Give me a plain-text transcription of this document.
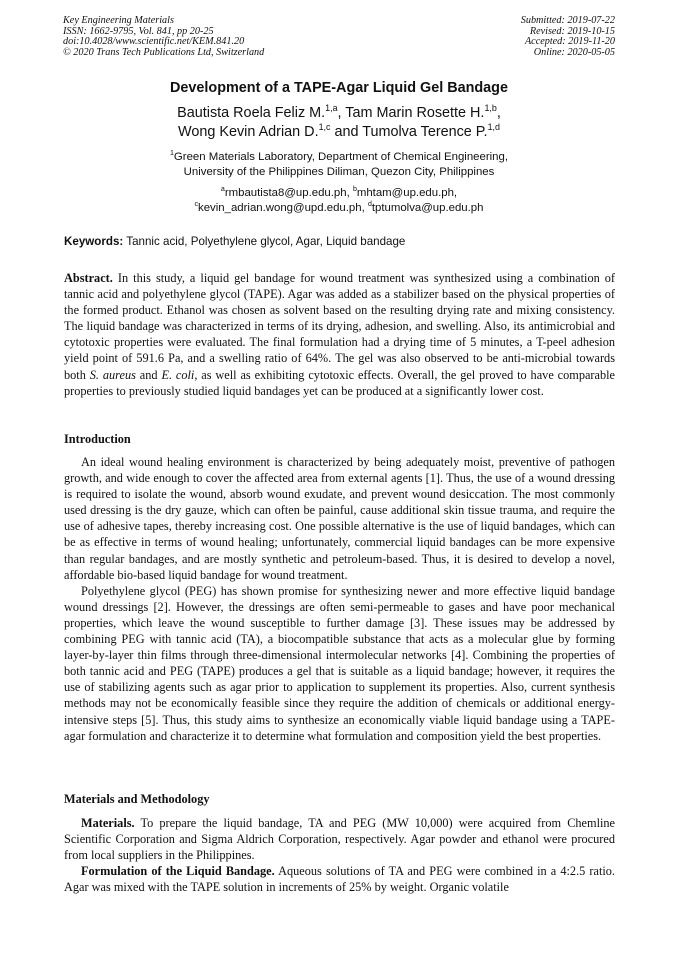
Key Engineering Materials
ISSN: 1662-9795, Vol. 841, pp 20-25
doi:10.4028/www.scientific.net/KEM.841.20
© 2020 Trans Tech Publications Ltd, Switzerland
Submitted: 2019-07-22
Revised: 2019-10-15
Accepted: 2019-11-20
Online: 2020-05-05
Development of a TAPE-Agar Liquid Gel Bandage
Bautista Roela Feliz M.$^{1,a}$, Tam Marin Rosette H.$^{1,b}$,
Wong Kevin Adrian D.$^{1,c}$ and Tumolva Terence P.$^{1,d}$
$^1$Green Materials Laboratory, Department of Chemical Engineering,
University of the Philippines Diliman, Quezon City, Philippines
$^a$rmbautista8@up.edu.ph, $^b$mhtam@up.edu.ph,
$^c$kevin_adrian.wong@upd.edu.ph, $^d$tptumolva@up.edu.ph
Keywords: Tannic acid, Polyethylene glycol, Agar, Liquid bandage

Abstract. In this study, a liquid gel bandage for wound treatment was synthesized using a combination of tannic acid and polyethylene glycol (TAPE). Agar was added as a stabilizer based on the physical properties of the formed product. Ethanol was chosen as solvent based on the resulting drying rate and mixing consistency. The liquid bandage was characterized in terms of its drying, adhesion, and swelling. Also, its antimicrobial and cytotoxic properties were evaluated. The final formulation had a drying time of 5 minutes, a T-peel adhesion yield point of 591.6 Pa, and a swelling ratio of 64%. The gel was also observed to be anti-microbial towards both S. aureus and E. coli, as well as exhibiting cytotoxic effects. Overall, the gel proved to have comparable properties to previously studied liquid bandages yet can be produced at a significantly lower cost.

Introduction

An ideal wound healing environment is characterized by being adequately moist, preventive of pathogen growth, and wide enough to cover the affected area from external agents [1]. Thus, the use of a wound dressing is required to isolate the wound, absorb wound exudate, and prevent wound desiccation. The most commonly used dressing is the dry gauze, which can often be painful, cause additional skin tissue trauma, and require the use of adhesive tapes, thereby increasing cost. One possible alternative is the use of liquid bandages, which can be as effective in terms of wound healing; unfortunately, commercial liquid bandages can be more expensive than regular bandages, and are mostly synthetic and petroleum-based. Thus, it is desired to develop a novel, affordable bio-based liquid bandage for wound treatment.

Polyethylene glycol (PEG) has shown promise for synthesizing newer and more effective liquid bandage wound dressings [2]. However, the dressings are often semi-permeable to gases and have poor mechanical properties, which leave the wound susceptible to further damage [3]. These issues may be addressed by combining PEG with tannic acid (TA), a biocompatible substance that acts as a molecular glue by forming layer-by-layer thin films through three-dimensional intermolecular networks [4]. Combining the properties of both tannic acid and PEG (TAPE) produces a gel that is suitable as a liquid bandage; however, it requires the use of stabilizing agents such as agar prior to application to supplement its properties. Also, current synthesis methods may not be economically feasible since they require the addition of chemicals or additional energy-intensive steps [5]. Thus, this study aims to synthesize an economically viable liquid bandage using a TAPE-agar formulation and characterize it to determine what formulation and composition yield the best properties.

Materials and Methodology

Materials. To prepare the liquid bandage, TA and PEG (MW 10,000) were acquired from Chemline Scientific Corporation and Sigma Aldrich Corporation, respectively. Agar powder and ethanol were procured from local suppliers in the Philippines.

Formulation of the Liquid Bandage. Aqueous solutions of TA and PEG were combined in a 4:2.5 ratio. Agar was mixed with the TAPE solution in increments of 25% by weight. Organic volatile
